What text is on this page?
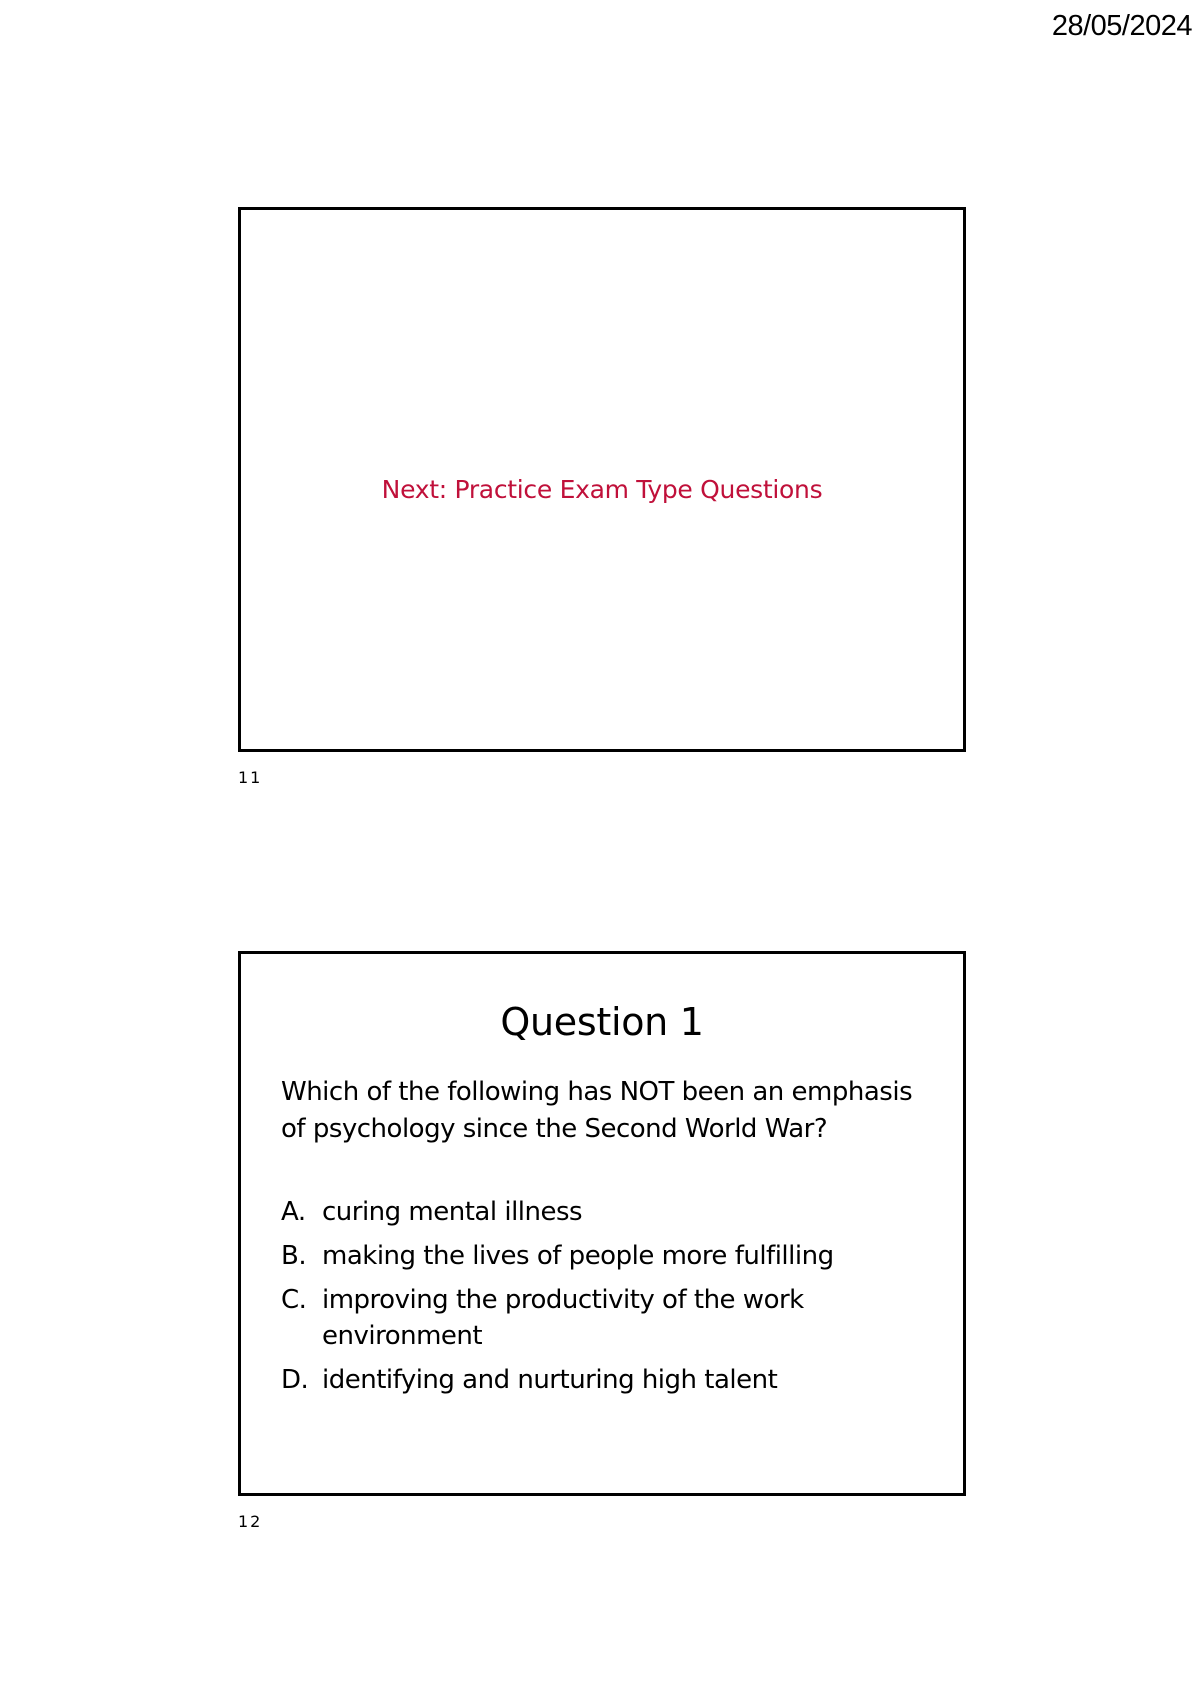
28/05/2024
Next: Practice Exam Type Questions
11
Question 1
Which of the following has NOT been an emphasis of psychology since the Second World War?
A. curing mental illness
B. making the lives of people more fulfilling
C. improving the productivity of the work environment
D. identifying and nurturing high talent
12
